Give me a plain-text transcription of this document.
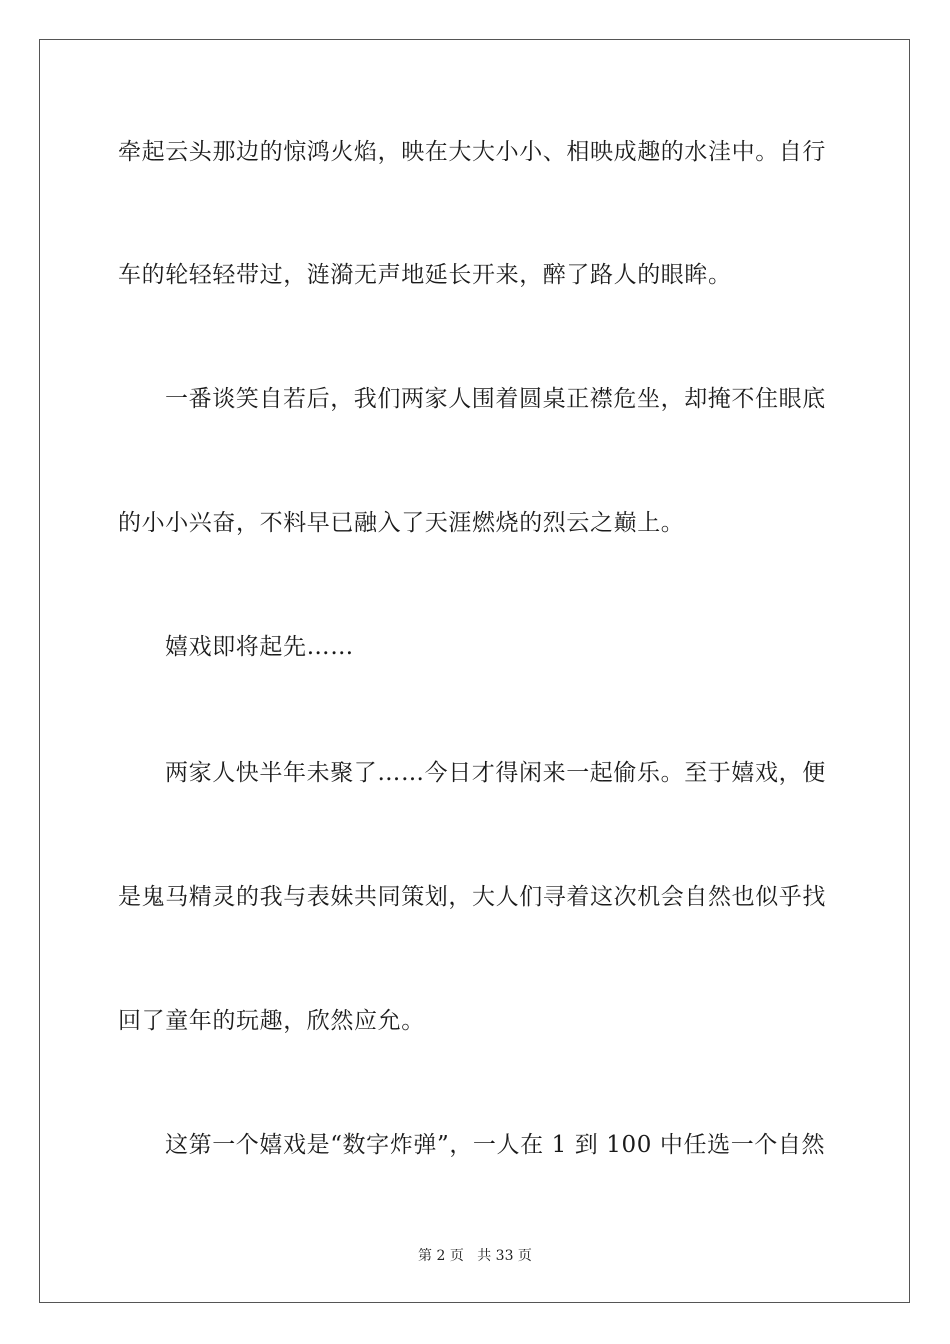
牵起云头那边的惊鸿火焰，映在大大小小、相映成趣的水洼中。自行
车的轮轻轻带过，涟漪无声地延长开来，醉了路人的眼眸。
一番谈笑自若后，我们两家人围着圆桌正襟危坐，却掩不住眼底
的小小兴奋，不料早已融入了天涯燃烧的烈云之巅上。
嬉戏即将起先……
两家人快半年未聚了……今日才得闲来一起偷乐。至于嬉戏，便
是鬼马精灵的我与表妹共同策划，大人们寻着这次机会自然也似乎找
回了童年的玩趣，欣然应允。
这第一个嬉戏是“数字炸弹”，一人在 1 到 100 中任选一个自然
第 2 页 共 33 页
